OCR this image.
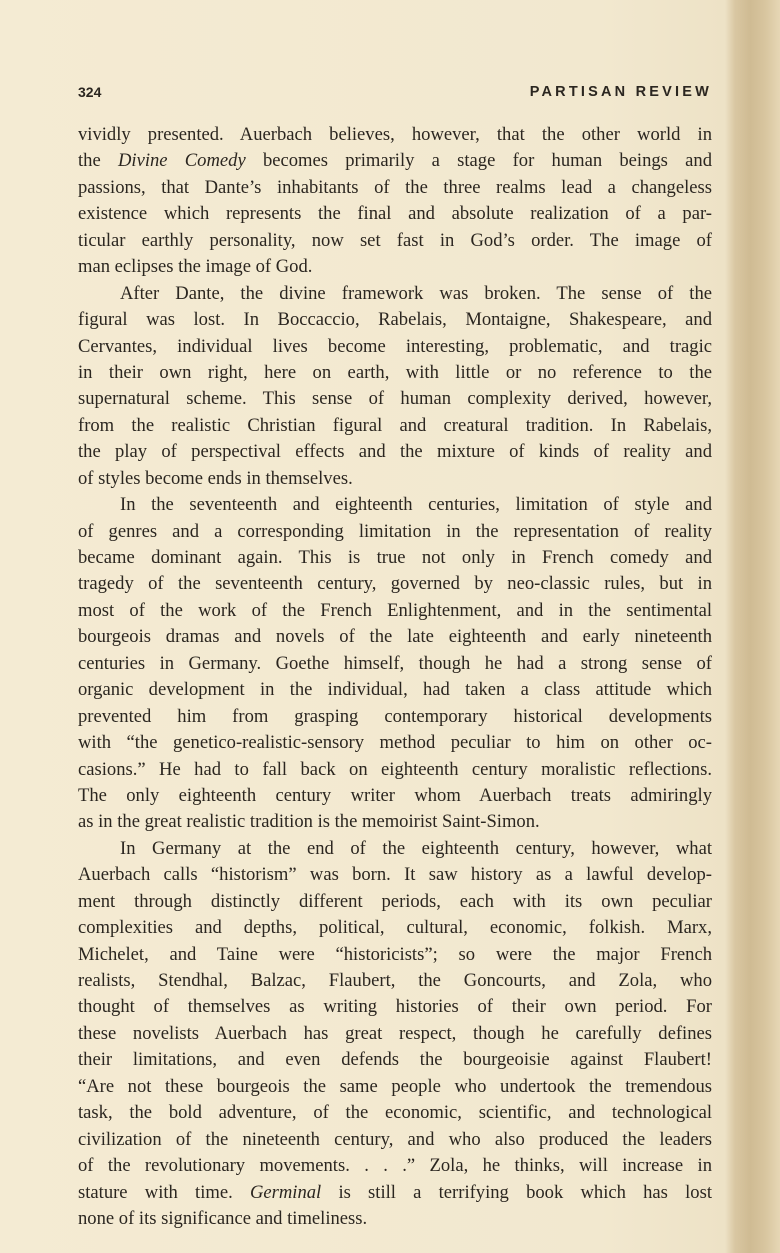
324	PARTISAN REVIEW
vividly presented. Auerbach believes, however, that the other world in
the Divine Comedy becomes primarily a stage for human beings and
passions, that Dante’s inhabitants of the three realms lead a changeless
existence which represents the final and absolute realization of a par-
ticular earthly personality, now set fast in God’s order. The image of
man eclipses the image of God.
After Dante, the divine framework was broken. The sense of the
figural was lost. In Boccaccio, Rabelais, Montaigne, Shakespeare, and
Cervantes, individual lives become interesting, problematic, and tragic
in their own right, here on earth, with little or no reference to the
supernatural scheme. This sense of human complexity derived, however,
from the realistic Christian figural and creatural tradition. In Rabelais,
the play of perspectival effects and the mixture of kinds of reality and
of styles become ends in themselves.
In the seventeenth and eighteenth centuries, limitation of style and
of genres and a corresponding limitation in the representation of reality
became dominant again. This is true not only in French comedy and
tragedy of the seventeenth century, governed by neo-classic rules, but in
most of the work of the French Enlightenment, and in the sentimental
bourgeois dramas and novels of the late eighteenth and early nineteenth
centuries in Germany. Goethe himself, though he had a strong sense of
organic development in the individual, had taken a class attitude which
prevented him from grasping contemporary historical developments
with “the genetico-realistic-sensory method peculiar to him on other oc-
casions.” He had to fall back on eighteenth century moralistic reflections.
The only eighteenth century writer whom Auerbach treats admiringly
as in the great realistic tradition is the memoirist Saint-Simon.
In Germany at the end of the eighteenth century, however, what
Auerbach calls “historism” was born. It saw history as a lawful develop-
ment through distinctly different periods, each with its own peculiar
complexities and depths, political, cultural, economic, folkish. Marx,
Michelet, and Taine were “historicists”; so were the major French
realists, Stendhal, Balzac, Flaubert, the Goncourts, and Zola, who
thought of themselves as writing histories of their own period. For
these novelists Auerbach has great respect, though he carefully defines
their limitations, and even defends the bourgeoisie against Flaubert!
“Are not these bourgeois the same people who undertook the tremendous
task, the bold adventure, of the economic, scientific, and technological
civilization of the nineteenth century, and who also produced the leaders
of the revolutionary movements. . . .” Zola, he thinks, will increase in
stature with time. Germinal is still a terrifying book which has lost
none of its significance and timeliness.
